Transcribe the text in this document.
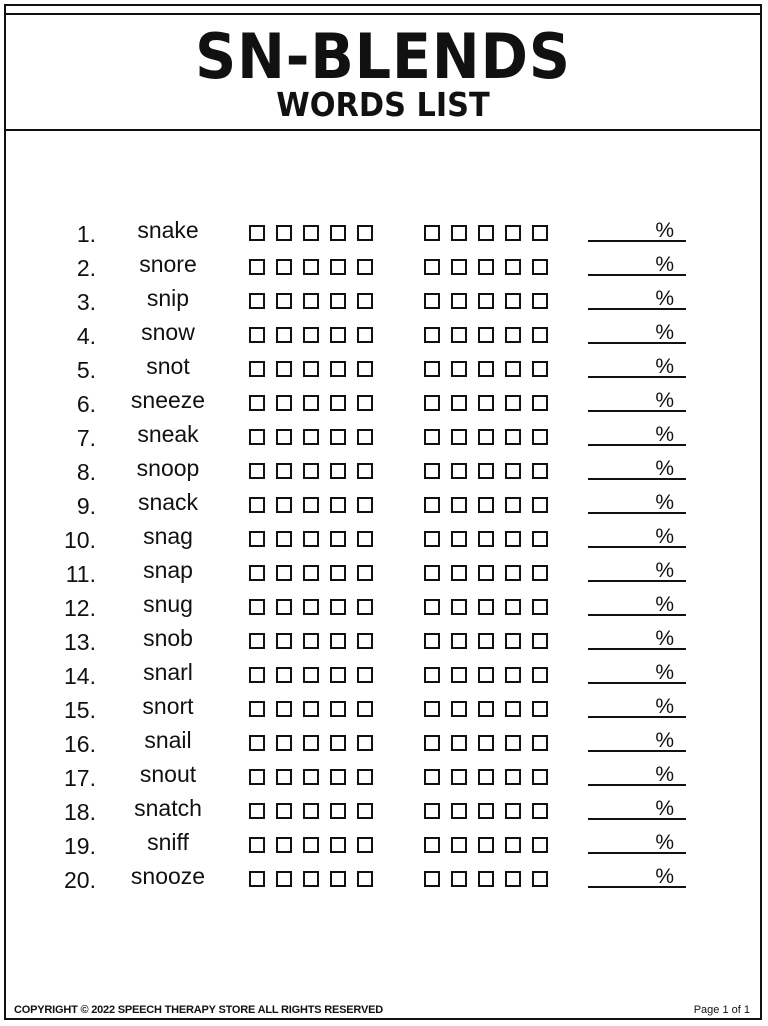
SN-BLENDS
WORDS LIST
1.	snake	%
2.	snore	%
3.	snip	%
4.	snow	%
5.	snot	%
6.	sneeze	%
7.	sneak	%
8.	snoop	%
9.	snack	%
10.	snag	%
11.	snap	%
12.	snug	%
13.	snob	%
14.	snarl	%
15.	snort	%
16.	snail	%
17.	snout	%
18.	snatch	%
19.	sniff	%
20.	snooze	%
COPYRIGHT © 2022 SPEECH THERAPY STORE ALL RIGHTS RESERVED	Page 1 of 1
